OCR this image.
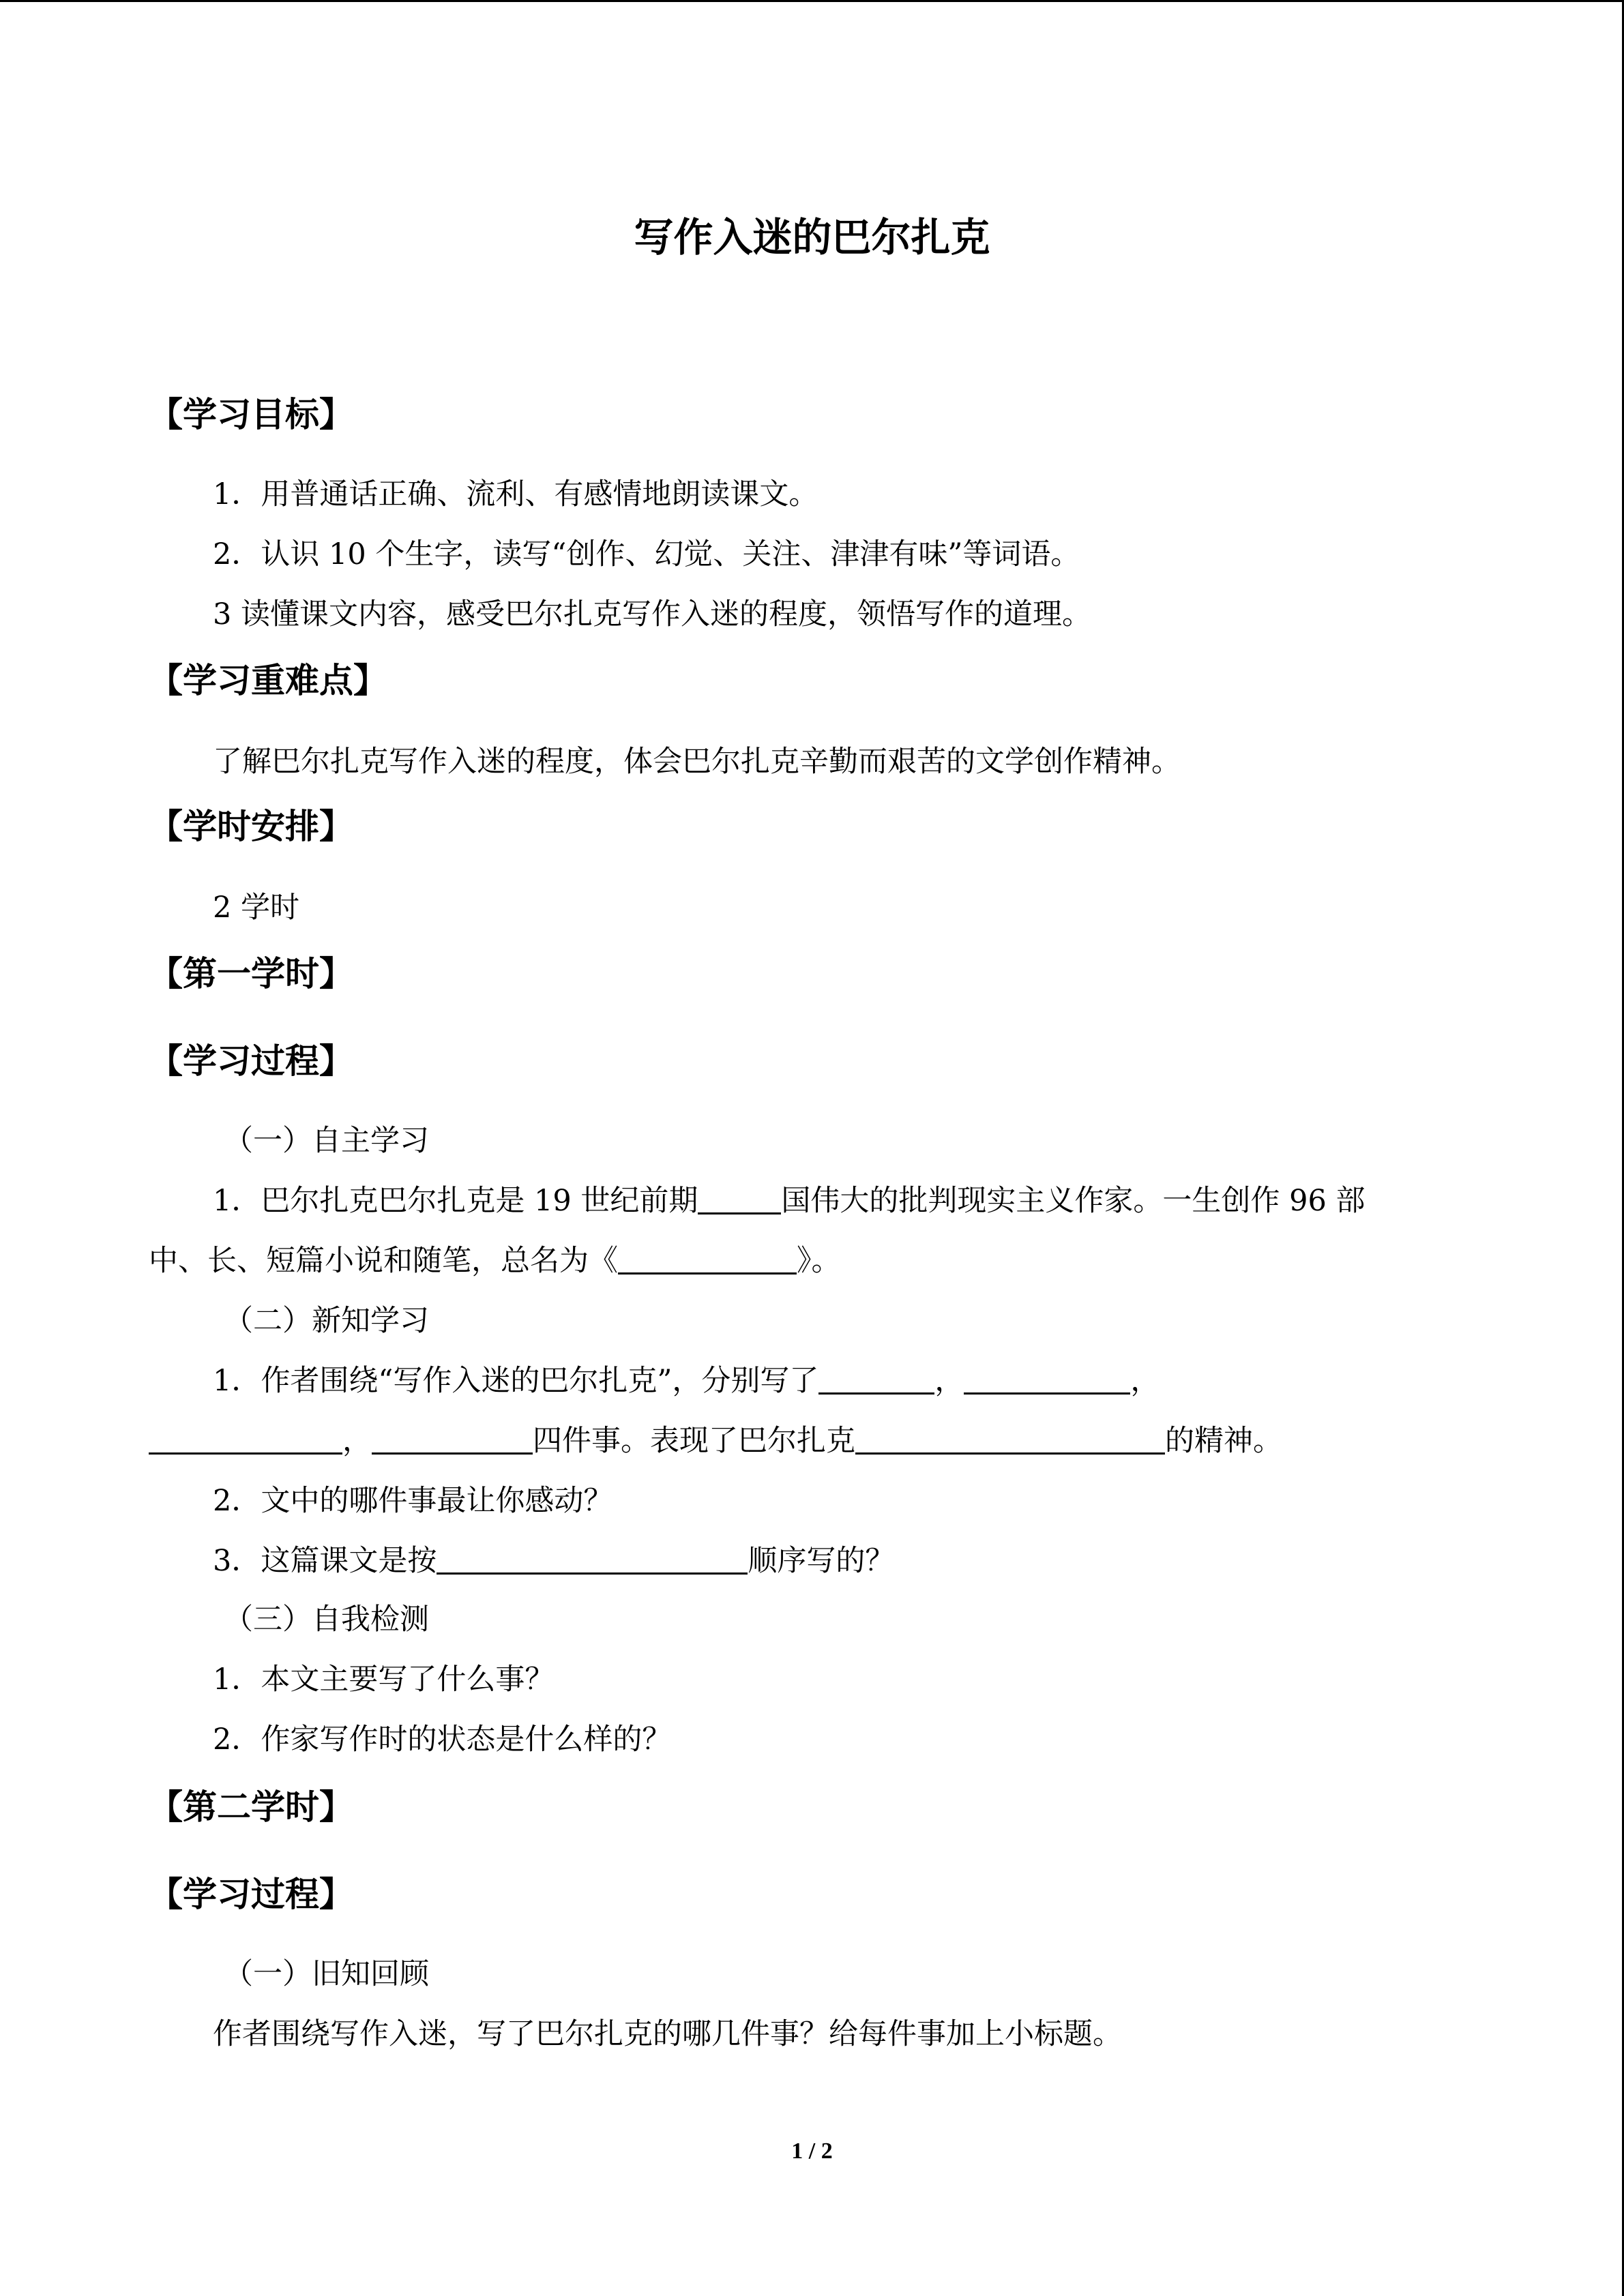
写作入迷的巴尔扎克
【学习目标】
1．用普通话正确、流利、有感情地朗读课文。
2．认识 10 个生字，读写“创作、幻觉、关注、津津有味”等词语。
3 读懂课文内容，感受巴尔扎克写作入迷的程度，领悟写作的道理。
【学习重难点】
了解巴尔扎克写作入迷的程度，体会巴尔扎克辛勤而艰苦的文学创作精神。
【学时安排】
2 学时
【第一学时】
【学习过程】
（一）自主学习
1．巴尔扎克巴尔扎克是 19 世纪前期	国伟大的批判现实主义作家。一生创作 96 部
中、长、短篇小说和随笔，总名为《	》。
（二）新知学习
1．作者围绕“写作入迷的巴尔扎克”，分别写了	，	，
，	四件事。表现了巴尔扎克	的精神。
2．文中的哪件事最让你感动？
3．这篇课文是按	顺序写的？
（三）自我检测
1．本文主要写了什么事？
2．作家写作时的状态是什么样的？
【第二学时】
【学习过程】
（一）旧知回顾
作者围绕写作入迷，写了巴尔扎克的哪几件事？给每件事加上小标题。
1 / 2
